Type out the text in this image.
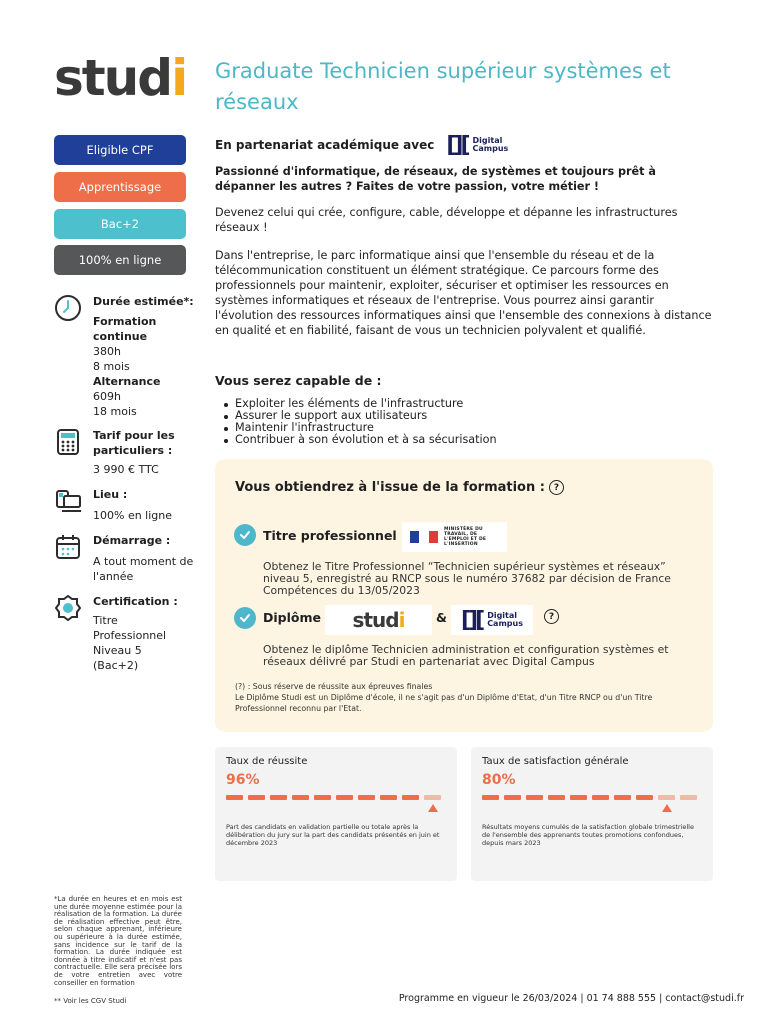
studi
Eligible CPF
Apprentissage
Bac+2
100% en ligne
Durée estimée*:
Formation continue
380h
8 mois
Alternance
609h
18 mois
Tarif pour les particuliers :
3 990 € TTC
Lieu :
100% en ligne
Démarrage :
A tout moment de l'année
Certification :
Titre Professionnel Niveau 5 (Bac+2)
*La durée en heures et en mois est une durée moyenne estimée pour la réalisation de la formation. La durée de réalisation effective peut être, selon chaque apprenant, inférieure ou supérieure à la durée estimée, sans incidence sur le tarif de la formation. La durée indiquée est donnée à titre indicatif et n'est pas contractuelle. Elle sera précisée lors de votre entretien avec votre conseiller en formation
** Voir les CGV Studi
Graduate Technicien supérieur systèmes et réseaux
En partenariat académique avec [][ Digital
Campus

Passionné d'informatique, de réseaux, de systèmes et toujours prêt à dépanner les autres ? Faites de votre passion, votre métier !

Devenez celui qui crée, configure, cable, développe et dépanne les infrastructures réseaux !

Dans l'entreprise, le parc informatique ainsi que l'ensemble du réseau et de la télécommunication constituent un élément stratégique. Ce parcours forme des professionnels pour maintenir, exploiter, sécuriser et optimiser les ressources en systèmes informatiques et réseaux de l'entreprise. Vous pourrez ainsi garantir l'évolution des ressources informatiques ainsi que l'ensemble des connexions à distance en qualité et en fiabilité, faisant de vous un technicien polyvalent et qualifié.

Vous serez capable de :
Exploiter les éléments de l'infrastructure
Assurer le support aux utilisateurs
Maintenir l'infrastructure
Contribuer à son évolution et à sa sécurisation
Vous obtiendrez à l'issue de la formation : ?
Titre professionnel	MINISTÈRE DU TRAVAIL, DE L'EMPLOI ET DE L'INSERTION

Obtenez le Titre Professionnel “Technicien supérieur systèmes et réseaux” niveau 5, enregistré au RNCP sous le numéro 37682 par décision de France Compétences du 13/05/2023

Diplôme stud i	& [][ Digital
Campus
?

Obtenez le diplôme Technicien administration et configuration systèmes et réseaux délivré par Studi en partenariat avec Digital Campus

(?) : Sous réserve de réussite aux épreuves finales
Le Diplôme Studi est un Diplôme d'école, il ne s'agit pas d'un Diplôme d'Etat, d'un Titre RNCP ou d'un Titre Professionnel reconnu par l'Etat.
Taux de réussite
96%
Part des candidats en validation partielle ou totale après la délibération du jury sur la part des candidats présentés en juin et décembre 2023
Taux de satisfaction générale
80%
Résultats moyens cumulés de la satisfaction globale trimestrielle de l'ensemble des apprenants toutes promotions confondues, depuis mars 2023
Programme en vigueur le 26/03/2024 | 01 74 888 555 | contact@studi.fr
